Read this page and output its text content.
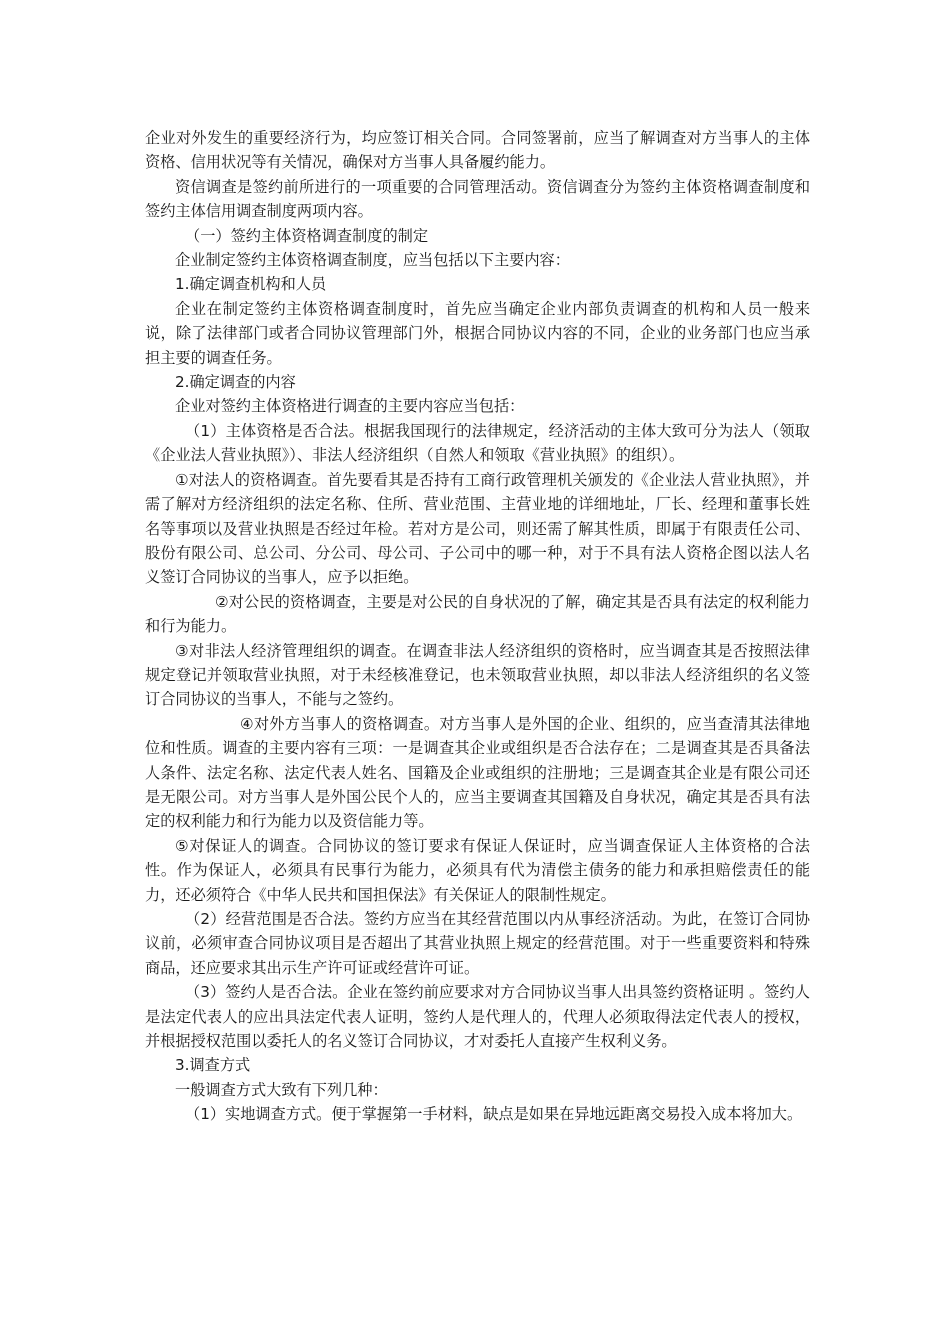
企业对外发生的重要经济行为，均应签订相关合同。合同签署前，应当了解调查对方当事人的主体资格、信用状况等有关情况，确保对方当事人具备履约能力。

资信调查是签约前所进行的一项重要的合同管理活动。资信调查分为签约主体资格调查制度和签约主体信用调查制度两项内容。

（一）签约主体资格调查制度的制定

企业制定签约主体资格调查制度，应当包括以下主要内容：

1.确定调查机构和人员

企业在制定签约主体资格调查制度时，首先应当确定企业内部负责调查的机构和人员一般来说，除了法律部门或者合同协议管理部门外，根据合同协议内容的不同，企业的业务部门也应当承担主要的调查任务。

2.确定调查的内容

企业对签约主体资格进行调查的主要内容应当包括：

（1）主体资格是否合法。根据我国现行的法律规定，经济活动的主体大致可分为法人（领取《企业法人营业执照》）、非法人经济组织（自然人和领取《营业执照》的组织）。

①对法人的资格调查。首先要看其是否持有工商行政管理机关颁发的《企业法人营业执照》，并需了解对方经济组织的法定名称、住所、营业范围、主营业地的详细地址，厂长、经理和董事长姓名等事项以及营业执照是否经过年检。若对方是公司，则还需了解其性质，即属于有限责任公司、股份有限公司、总公司、分公司、母公司、子公司中的哪一种，对于不具有法人资格企图以法人名义签订合同协议的当事人，应予以拒绝。

②对公民的资格调查，主要是对公民的自身状况的了解，确定其是否具有法定的权利能力和行为能力。

③对非法人经济管理组织的调查。在调查非法人经济组织的资格时，应当调查其是否按照法律规定登记并领取营业执照，对于未经核准登记，也未领取营业执照，却以非法人经济组织的名义签订合同协议的当事人，不能与之签约。

④对外方当事人的资格调查。对方当事人是外国的企业、组织的，应当查清其法律地位和性质。调查的主要内容有三项：一是调查其企业或组织是否合法存在；二是调查其是否具备法人条件、法定名称、法定代表人姓名、国籍及企业或组织的注册地；三是调查其企业是有限公司还是无限公司。对方当事人是外国公民个人的，应当主要调查其国籍及自身状况，确定其是否具有法定的权利能力和行为能力以及资信能力等。

⑤对保证人的调查。合同协议的签订要求有保证人保证时，应当调查保证人主体资格的合法性。作为保证人，必须具有民事行为能力，必须具有代为清偿主债务的能力和承担赔偿责任的能力，还必须符合《中华人民共和国担保法》有关保证人的限制性规定。

（2）经营范围是否合法。签约方应当在其经营范围以内从事经济活动。为此，在签订合同协议前，必须审查合同协议项目是否超出了其营业执照上规定的经营范围。对于一些重要资料和特殊商品，还应要求其出示生产许可证或经营许可证。

（3）签约人是否合法。企业在签约前应要求对方合同协议当事人出具签约资格证明 。签约人是法定代表人的应出具法定代表人证明，签约人是代理人的，代理人必须取得法定代表人的授权，并根据授权范围以委托人的名义签订合同协议，才对委托人直接产生权利义务。

3.调查方式

一般调查方式大致有下列几种：

（1）实地调查方式。便于掌握第一手材料，缺点是如果在异地远距离交易投入成本将加大。
